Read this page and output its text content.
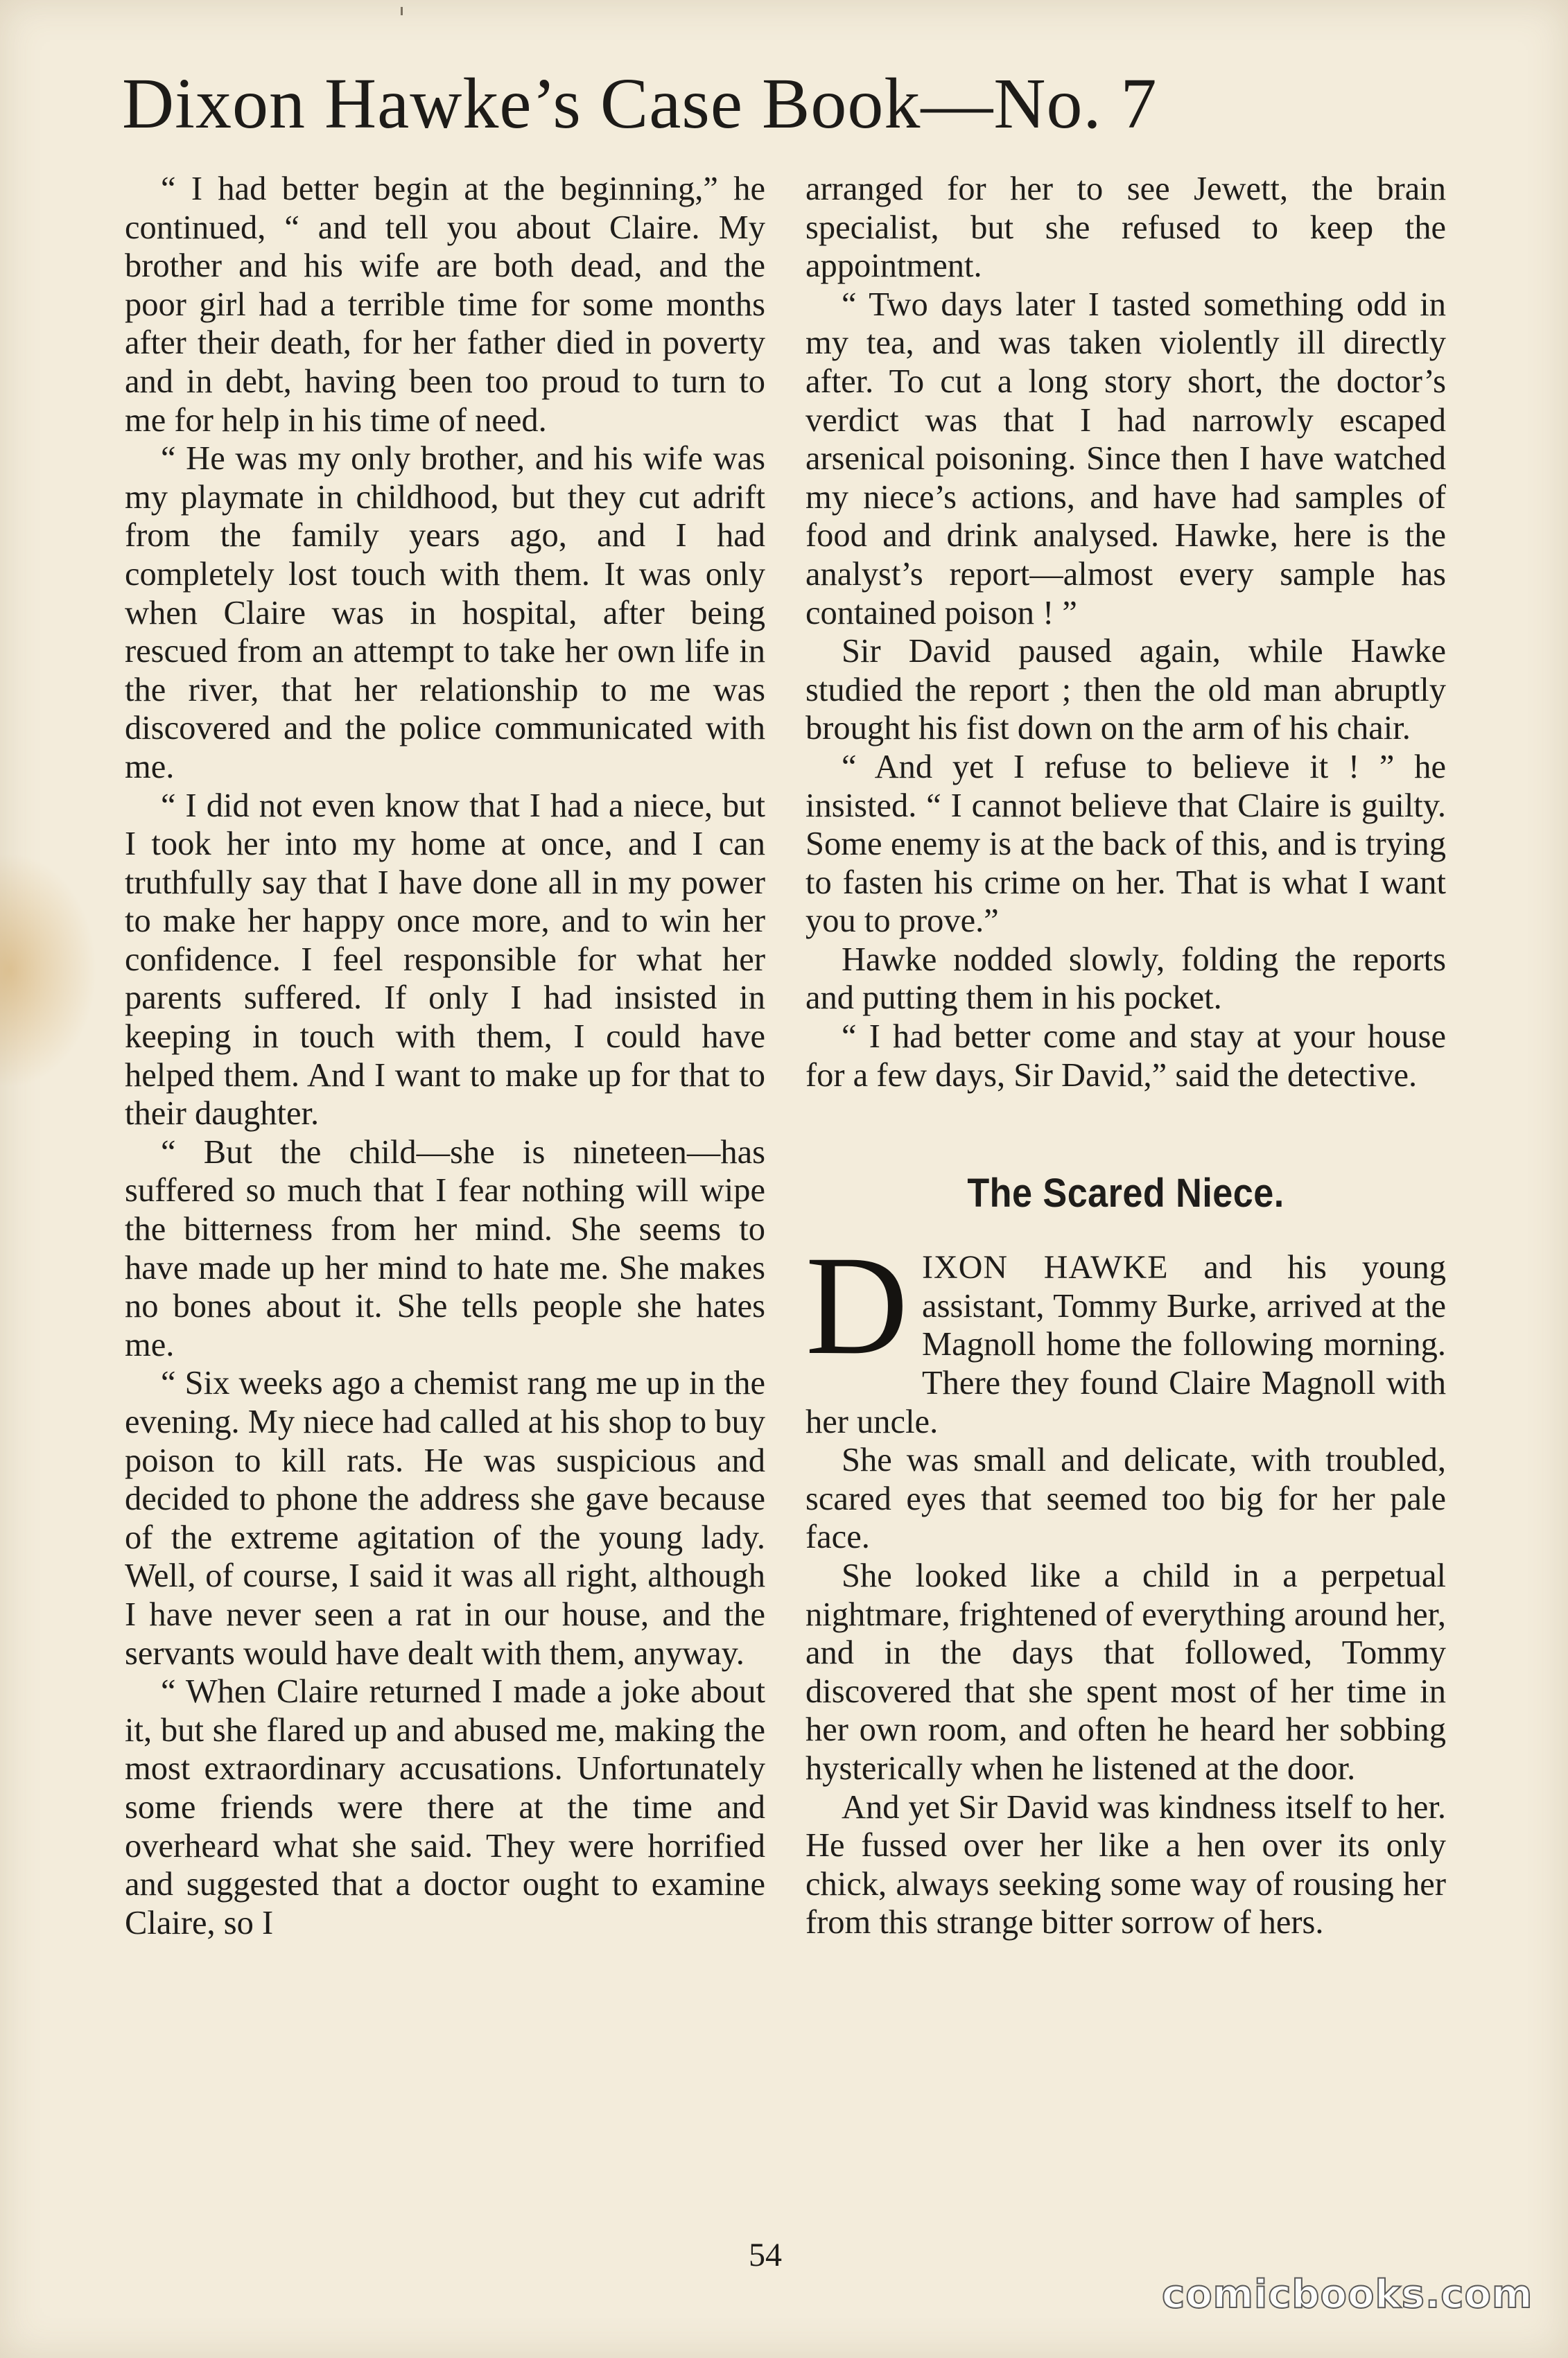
Dixon Hawke’s Case Book—No. 7

“ I had better begin at the beginning,” he continued, “ and tell you about Claire. My brother and his wife are both dead, and the poor girl had a terrible time for some months after their death, for her father died in poverty and in debt, having been too proud to turn to me for help in his time of need.

“ He was my only brother, and his wife was my playmate in childhood, but they cut adrift from the family years ago, and I had completely lost touch with them. It was only when Claire was in hospital, after being rescued from an attempt to take her own life in the river, that her relationship to me was discovered and the police communicated with me.

“ I did not even know that I had a niece, but I took her into my home at once, and I can truthfully say that I have done all in my power to make her happy once more, and to win her confidence. I feel responsible for what her parents suffered. If only I had insisted in keeping in touch with them, I could have helped them. And I want to make up for that to their daughter.

“ But the child—she is nineteen—has suffered so much that I fear nothing will wipe the bitterness from her mind. She seems to have made up her mind to hate me. She makes no bones about it. She tells people she hates me.

“ Six weeks ago a chemist rang me up in the evening. My niece had called at his shop to buy poison to kill rats. He was suspicious and decided to phone the address she gave because of the extreme agitation of the young lady. Well, of course, I said it was all right, although I have never seen a rat in our house, and the servants would have dealt with them, anyway.

“ When Claire returned I made a joke about it, but she flared up and abused me, making the most extraordinary accusations. Unfortunately some friends were there at the time and overheard what she said. They were horrified and suggested that a doctor ought to examine Claire, so I

arranged for her to see Jewett, the brain specialist, but she refused to keep the appointment.

“ Two days later I tasted something odd in my tea, and was taken violently ill directly after. To cut a long story short, the doctor’s verdict was that I had narrowly escaped arsenical poisoning. Since then I have watched my niece’s actions, and have had samples of food and drink analysed. Hawke, here is the analyst’s report—almost every sample has contained poison ! ”

Sir David paused again, while Hawke studied the report ; then the old man abruptly brought his fist down on the arm of his chair.

“ And yet I refuse to believe it ! ” he insisted. “ I cannot believe that Claire is guilty. Some enemy is at the back of this, and is trying to fasten his crime on her. That is what I want you to prove.”

Hawke nodded slowly, folding the reports and putting them in his pocket.

“ I had better come and stay at your house for a few days, Sir David,” said the detective.

The Scared Niece.

DIXON HAWKE and his young assistant, Tommy Burke, arrived at the Magnoll home the following morning. There they found Claire Magnoll with her uncle.

She was small and delicate, with troubled, scared eyes that seemed too big for her pale face.

She looked like a child in a perpetual nightmare, frightened of everything around her, and in the days that followed, Tommy discovered that she spent most of her time in her own room, and often he heard her sobbing hysterically when he listened at the door.

And yet Sir David was kindness itself to her. He fussed over her like a hen over its only chick, always seeking some way of rousing her from this strange bitter sorrow of hers.

54
comicbooks.com
